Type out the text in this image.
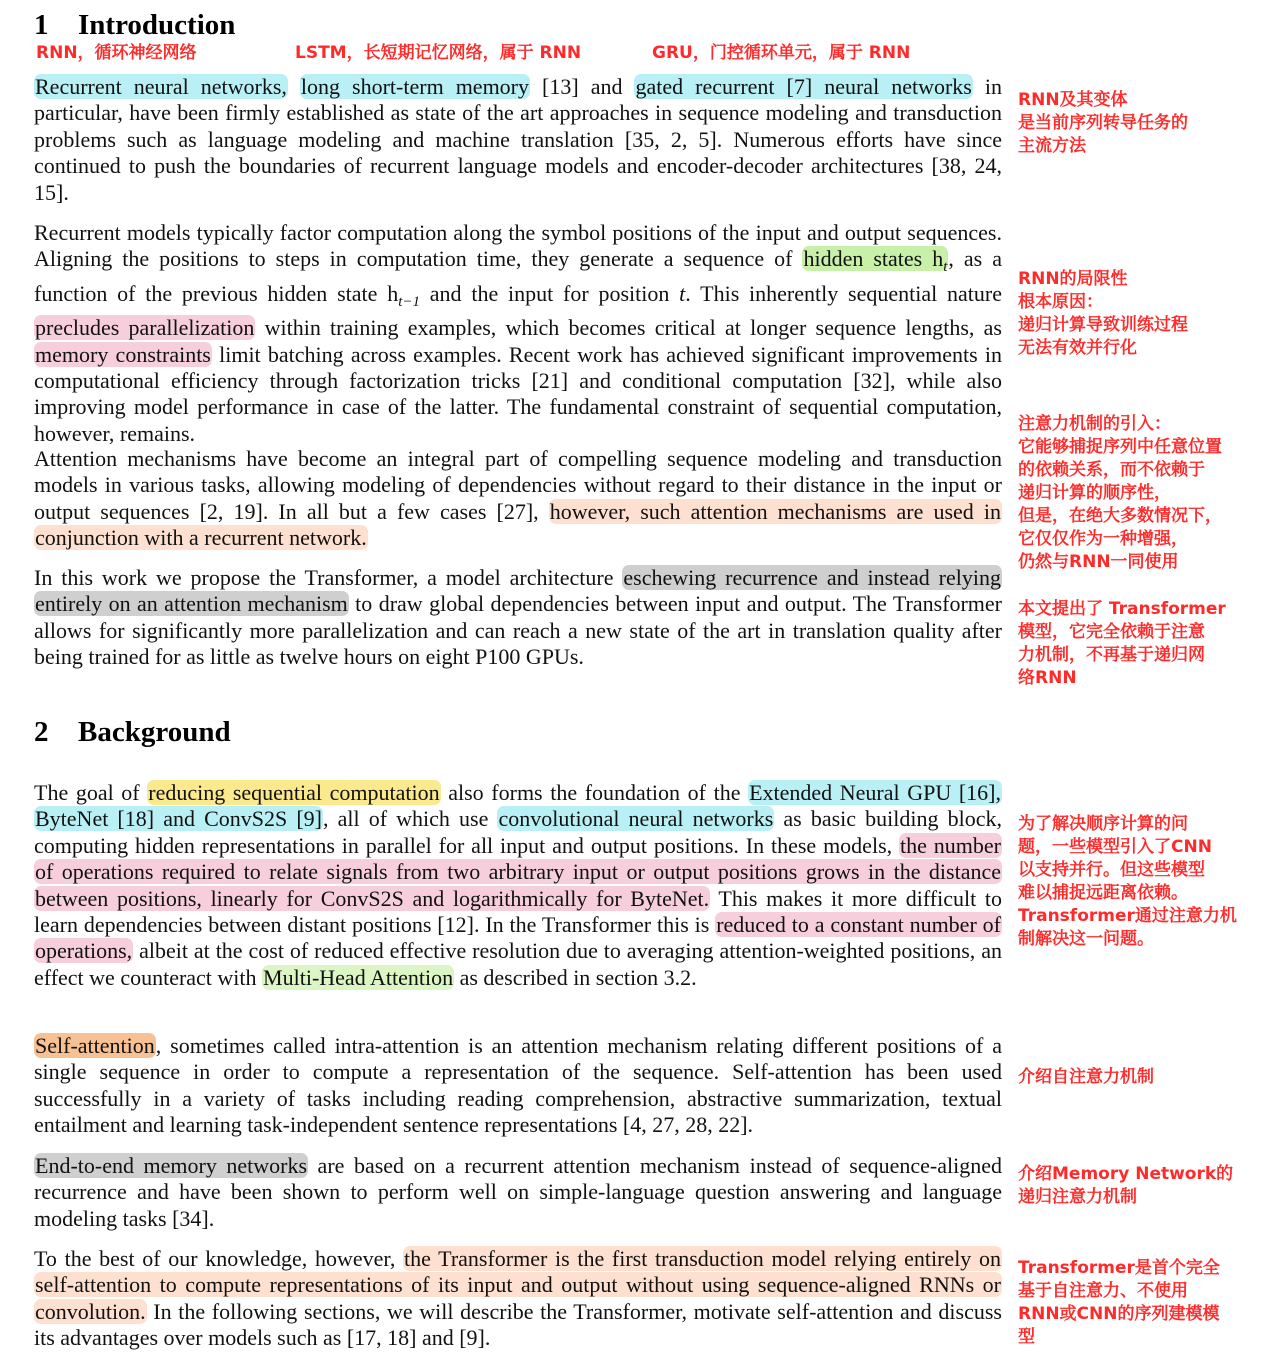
1 Introduction
RNN，循环神经网络	LSTM，长短期记忆网络，属于 RNN	GRU，门控循环单元，属于 RNN

Recurrent neural networks, long short-term memory [13] and gated recurrent [7] neural networks in particular, have been firmly established as state of the art approaches in sequence modeling and transduction problems such as language modeling and machine translation [35, 2, 5]. Numerous efforts have since continued to push the boundaries of recurrent language models and encoder-decoder architectures [38, 24, 15].

Recurrent models typically factor computation along the symbol positions of the input and output sequences. Aligning the positions to steps in computation time, they generate a sequence of hidden states $h_t$, as a function of the previous hidden state $h_{t-1}$ and the input for position t. This inherently sequential nature precludes parallelization within training examples, which becomes critical at longer sequence lengths, as memory constraints limit batching across examples. Recent work has achieved significant improvements in computational efficiency through factorization tricks [21] and conditional computation [32], while also improving model performance in case of the latter. The fundamental constraint of sequential computation, however, remains.

Attention mechanisms have become an integral part of compelling sequence modeling and transduction models in various tasks, allowing modeling of dependencies without regard to their distance in the input or output sequences [2, 19]. In all but a few cases [27], however, such attention mechanisms are used in conjunction with a recurrent network.

In this work we propose the Transformer, a model architecture eschewing recurrence and instead relying entirely on an attention mechanism to draw global dependencies between input and output. The Transformer allows for significantly more parallelization and can reach a new state of the art in translation quality after being trained for as little as twelve hours on eight P100 GPUs.

2 Background

The goal of reducing sequential computation also forms the foundation of the Extended Neural GPU [16], ByteNet [18] and ConvS2S [9], all of which use convolutional neural networks as basic building block, computing hidden representations in parallel for all input and output positions. In these models, the number of operations required to relate signals from two arbitrary input or output positions grows in the distance between positions, linearly for ConvS2S and logarithmically for ByteNet. This makes it more difficult to learn dependencies between distant positions [12]. In the Transformer this is reduced to a constant number of operations, albeit at the cost of reduced effective resolution due to averaging attention-weighted positions, an effect we counteract with Multi-Head Attention as described in section 3.2.

Self-attention, sometimes called intra-attention is an attention mechanism relating different positions of a single sequence in order to compute a representation of the sequence. Self-attention has been used successfully in a variety of tasks including reading comprehension, abstractive summarization, textual entailment and learning task-independent sentence representations [4, 27, 28, 22].

End-to-end memory networks are based on a recurrent attention mechanism instead of sequence-aligned recurrence and have been shown to perform well on simple-language question answering and language modeling tasks [34].

To the best of our knowledge, however, the Transformer is the first transduction model relying entirely on self-attention to compute representations of its input and output without using sequence-aligned RNNs or convolution. In the following sections, we will describe the Transformer, motivate self-attention and discuss its advantages over models such as [17, 18] and [9].

RNN及其变体
是当前序列转导任务的
主流方法
RNN的局限性
根本原因：
递归计算导致训练过程
无法有效并行化
注意力机制的引入：
它能够捕捉序列中任意位置
的依赖关系，而不依赖于
递归计算的顺序性，
但是，在绝大多数情况下，
它仅仅作为一种增强，
仍然与RNN一同使用
本文提出了 Transformer
模型，它完全依赖于注意
力机制，不再基于递归网
络RNN
为了解决顺序计算的问
题，一些模型引入了CNN
以支持并行。但这些模型
难以捕捉远距离依赖。
Transformer通过注意力机
制解决这一问题。
介绍自注意力机制
介绍Memory Network的
递归注意力机制
Transformer是首个完全
基于自注意力、不使用
RNN或CNN的序列建模模
型
